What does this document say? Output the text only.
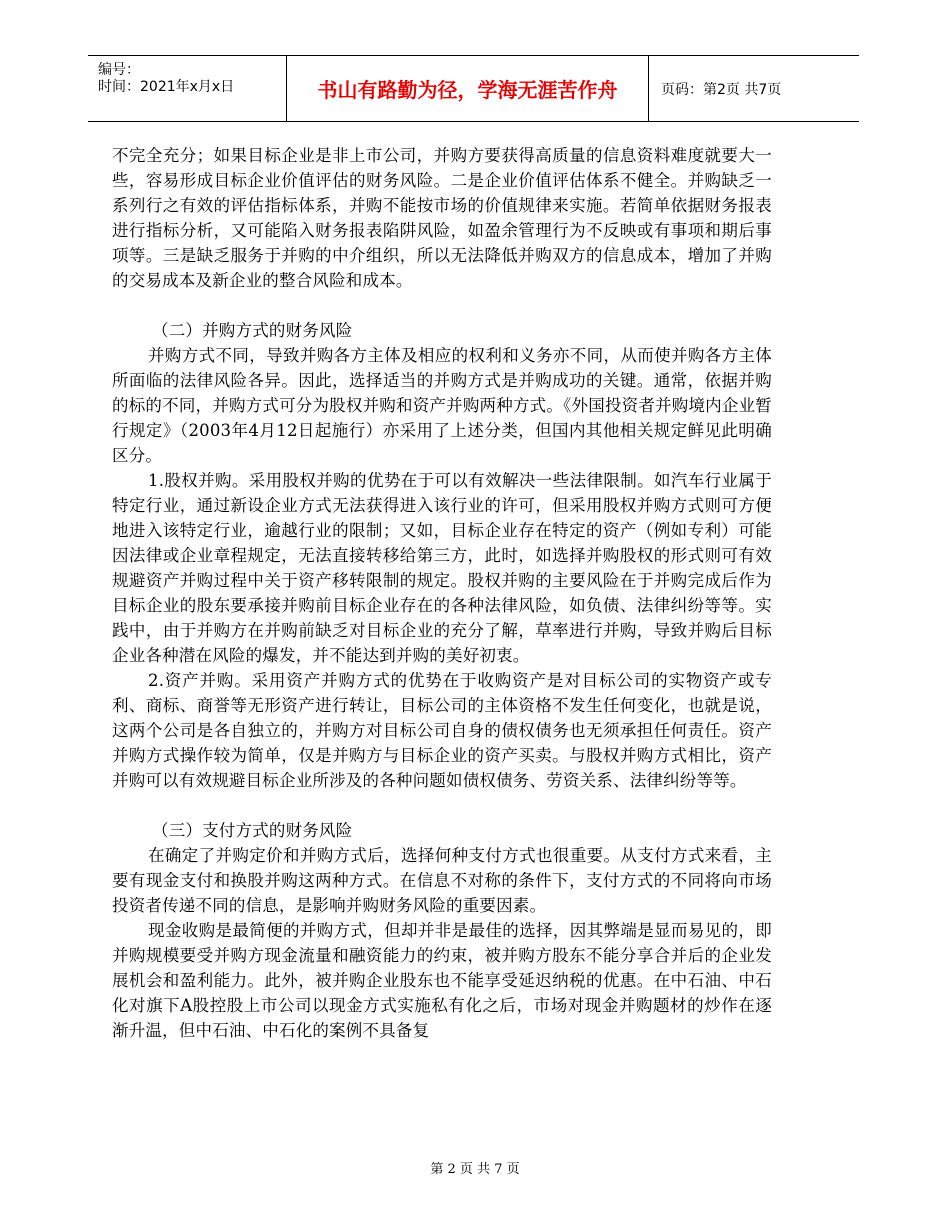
编号：
时间：2021年x月x日	书山有路勤为径，学海无涯苦作舟	页码：第2页 共7页

不完全充分；如果目标企业是非上市公司，并购方要获得高质量的信息资料难度就要大一些，容易形成目标企业价值评估的财务风险。二是企业价值评估体系不健全。并购缺乏一系列行之有效的评估指标体系，并购不能按市场的价值规律来实施。若简单依据财务报表进行指标分析，又可能陷入财务报表陷阱风险，如盈余管理行为不反映或有事项和期后事项等。三是缺乏服务于并购的中介组织，所以无法降低并购双方的信息成本，增加了并购的交易成本及新企业的整合风险和成本。

（二）并购方式的财务风险

并购方式不同，导致并购各方主体及相应的权利和义务亦不同，从而使并购各方主体所面临的法律风险各异。因此，选择适当的并购方式是并购成功的关键。通常，依据并购的标的不同，并购方式可分为股权并购和资产并购两种方式。《外国投资者并购境内企业暂行规定》（2003年4月12日起施行）亦采用了上述分类，但国内其他相关规定鲜见此明确区分。

1.股权并购。采用股权并购的优势在于可以有效解决一些法律限制。如汽车行业属于特定行业，通过新设企业方式无法获得进入该行业的许可，但采用股权并购方式则可方便地进入该特定行业，逾越行业的限制；又如，目标企业存在特定的资产（例如专利）可能因法律或企业章程规定，无法直接转移给第三方，此时，如选择并购股权的形式则可有效规避资产并购过程中关于资产移转限制的规定。股权并购的主要风险在于并购完成后作为目标企业的股东要承接并购前目标企业存在的各种法律风险，如负债、法律纠纷等等。实践中，由于并购方在并购前缺乏对目标企业的充分了解，草率进行并购，导致并购后目标企业各种潜在风险的爆发，并不能达到并购的美好初衷。

2.资产并购。采用资产并购方式的优势在于收购资产是对目标公司的实物资产或专利、商标、商誉等无形资产进行转让，目标公司的主体资格不发生任何变化，也就是说，这两个公司是各自独立的，并购方对目标公司自身的债权债务也无须承担任何责任。资产并购方式操作较为简单，仅是并购方与目标企业的资产买卖。与股权并购方式相比，资产并购可以有效规避目标企业所涉及的各种问题如债权债务、劳资关系、法律纠纷等等。

（三）支付方式的财务风险

在确定了并购定价和并购方式后，选择何种支付方式也很重要。从支付方式来看，主要有现金支付和换股并购这两种方式。在信息不对称的条件下，支付方式的不同将向市场投资者传递不同的信息，是影响并购财务风险的重要因素。

现金收购是最简便的并购方式，但却并非是最佳的选择，因其弊端是显而易见的，即并购规模要受并购方现金流量和融资能力的约束，被并购方股东不能分享合并后的企业发展机会和盈利能力。此外，被并购企业股东也不能享受延迟纳税的优惠。在中石油、中石化对旗下A股控股上市公司以现金方式实施私有化之后，市场对现金并购题材的炒作在逐渐升温，但中石油、中石化的案例不具备复

第 2 页 共 7 页
